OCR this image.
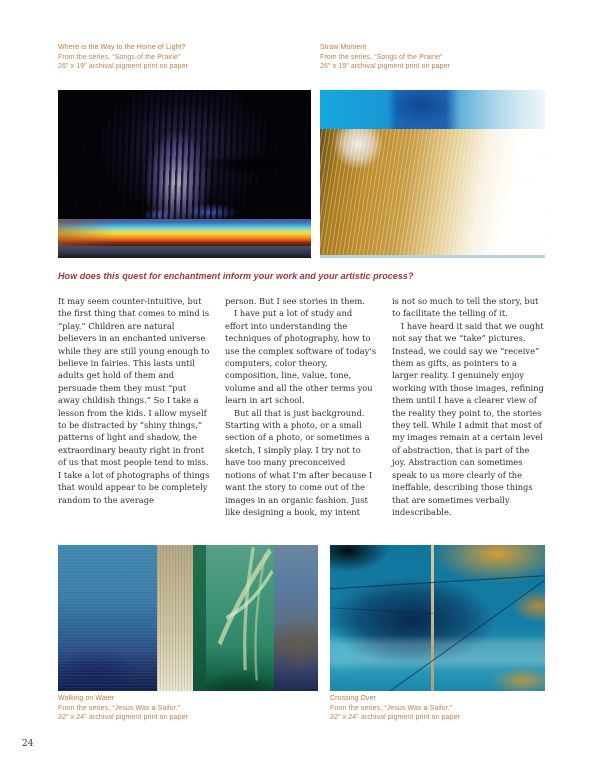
Where is the Way to the Home of Light?
From the series, “Songs of the Prairie”
26" x 19" archival pigment print on paper
Straw Moment
From the series, “Songs of the Prairie”
26" x 19" archival pigment print on paper
How does this quest for enchantment inform your work and your artistic process?

It may seem counter-intuitive, but the first thing that comes to mind is “play.” Children are natural believers in an enchanted universe while they are still young enough to believe in fairies. This lasts until adults get hold of them and persuade them they must “put away childish things.” So I take a lesson from the kids. I allow myself to be distracted by “shiny things,” patterns of light and shadow, the extraordinary beauty right in front of us that most people tend to miss. I take a lot of photographs of things that would appear to be completely random to the average

person. But I see stories in them.

I have put a lot of study and effort into understanding the techniques of photography, how to use the complex software of today’s computers, color theory, composition, line, value, tone, volume and all the other terms you learn in art school.

But all that is just background. Starting with a photo, or a small section of a photo, or sometimes a sketch, I simply play. I try not to have too many preconceived notions of what I’m after because I want the story to come out of the images in an organic fashion. Just like designing a book, my intent

is not so much to tell the story, but to facilitate the telling of it.

I have heard it said that we ought not say that we “take” pictures. Instead, we could say we “receive” them as gifts, as pointers to a larger reality. I genuinely enjoy working with those images, refining them until I have a clearer view of the reality they point to, the stories they tell. While I admit that most of my images remain at a certain level of abstraction, that is part of the joy. Abstraction can sometimes speak to us more clearly of the ineffable, describing those things that are sometimes verbally indescribable.

Walking on Water
From the series, “Jesus Was a Sailor.”
32" x 24" archival pigment print on paper
Crossing Over
From the series, “Jesus Was a Sailor.”
32" x 24" archival pigment print on paper
24
